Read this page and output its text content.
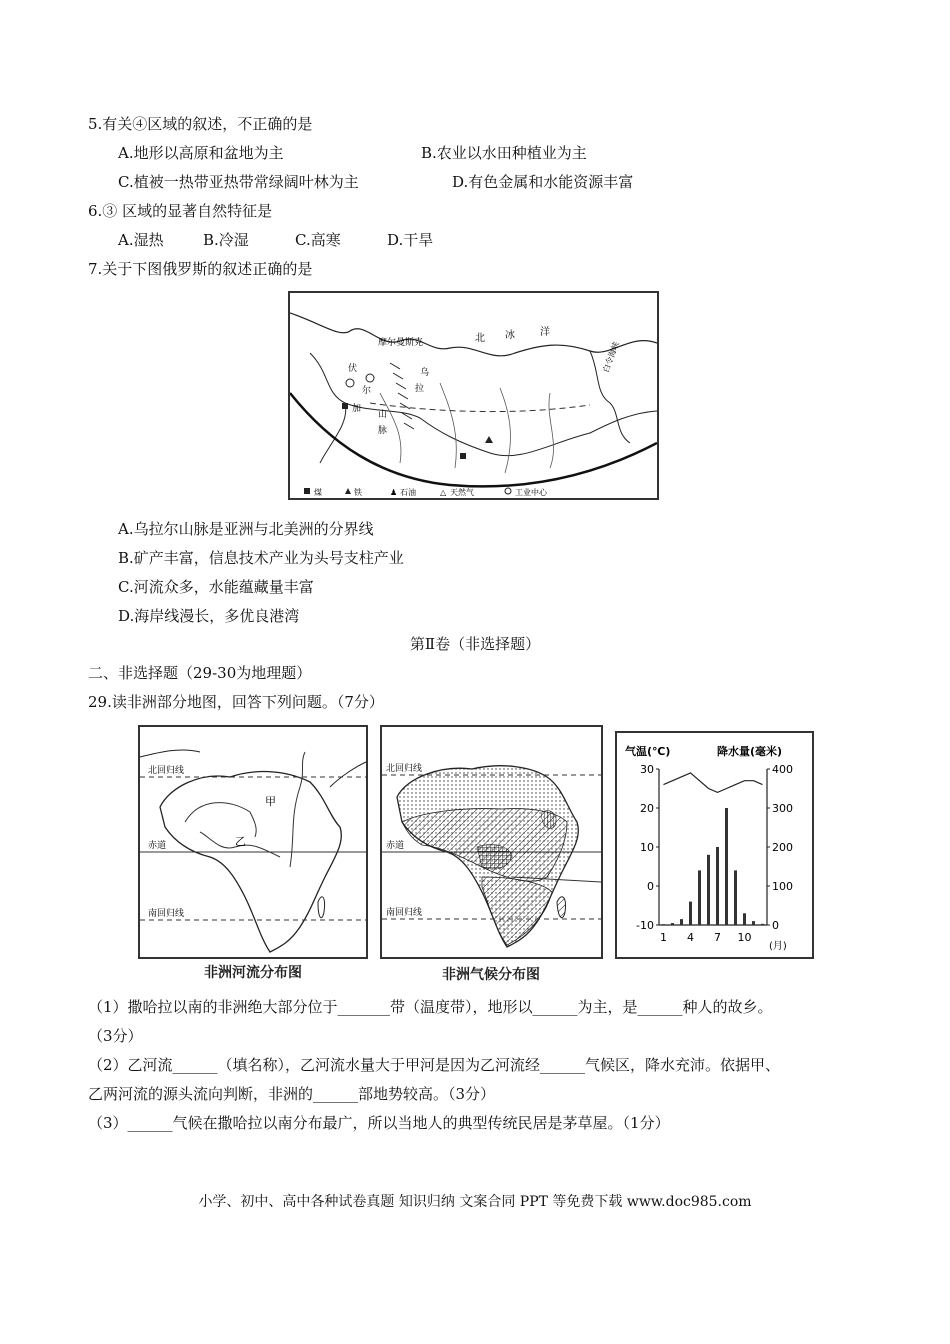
5.有关④区域的叙述，不正确的是
A.地形以高原和盆地为主	B.农业以水田种植业为主
C.植被一热带亚热带常绿阔叶林为主	D.有色金属和水能资源丰富
6.③ 区域的显著自然特征是
A.湿热	B.冷湿	C.高寒	D.干旱
7.关于下图俄罗斯的叙述正确的是
摩尔曼斯克	北 冰	洋
伏
尔
加
乌
拉
山
脉
白令海峡
煤	铁	♟ 石油	△ 天然气	工业中心
A.乌拉尔山脉是亚洲与北美洲的分界线
B.矿产丰富，信息技术产业为头号支柱产业
C.河流众多，水能蕴藏量丰富
D.海岸线漫长，多优良港湾
第Ⅱ卷（非选择题）
二、非选择题（29-30为地理题）
29.读非洲部分地图，回答下列问题。（7分）
北回归线
赤道
南回归线
甲
乙
非洲河流分布图
北回归线
赤道
南回归线
非洲气候分布图
气温(℃)	降水量(毫米)
30
20
10
0
-10
400
300
200
100
0
1 4 7 10
(月)
（1）撒哈拉以南的非洲绝大部分位于_______带（温度带），地形以______为主，是______种人的故乡。
（3分）
（2）乙河流______（填名称），乙河流水量大于甲河是因为乙河流经______气候区，降水充沛。依据甲、
乙两河流的源头流向判断，非洲的______部地势较高。（3分）
（3）______气候在撒哈拉以南分布最广，所以当地人的典型传统民居是茅草屋。（1分）
小学、初中、高中各种试卷真题 知识归纳 文案合同 PPT 等免费下载 www.doc985.com
